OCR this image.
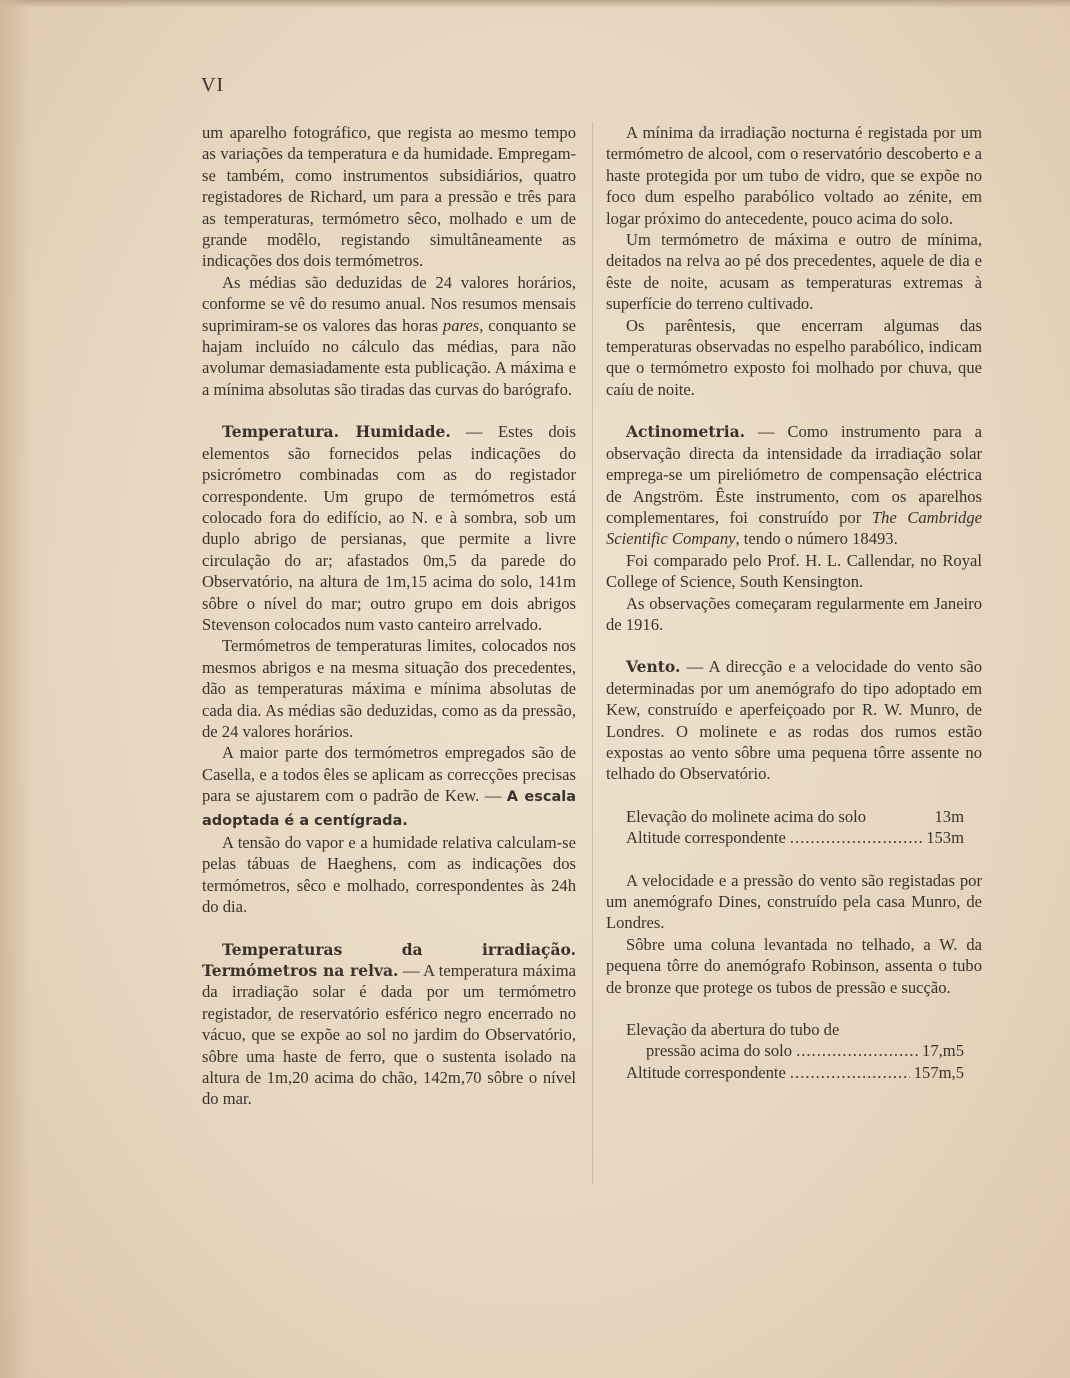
VI

um aparelho fotográfico, que regista ao mesmo tempo as variações da temperatura e da humidade. Empregam-se também, como instrumentos subsidiários, quatro registadores de Richard, um para a pressão e três para as temperaturas, termómetro sêco, molhado e um de grande modêlo, registando simultâneamente as indicações dos dois termómetros.

As médias são deduzidas de 24 valores horários, conforme se vê do resumo anual. Nos resumos mensais suprimiram-se os valores das horas pares, conquanto se hajam incluído no cálculo das médias, para não avolumar demasiadamente esta publicação. A máxima e a mínima absolutas são tiradas das curvas do barógrafo.

Temperatura. Humidade. — Estes dois elementos são fornecidos pelas indicações do psicrómetro combinadas com as do registador correspondente. Um grupo de termómetros está colocado fora do edifício, ao N. e à sombra, sob um duplo abrigo de persianas, que permite a livre circulação do ar; afastados 0m,5 da parede do Observatório, na altura de 1m,15 acima do solo, 141m sôbre o nível do mar; outro grupo em dois abrigos Stevenson colocados num vasto canteiro arrelvado.

Termómetros de temperaturas limites, colocados nos mesmos abrigos e na mesma situação dos precedentes, dão as temperaturas máxima e mínima absolutas de cada dia. As médias são deduzidas, como as da pressão, de 24 valores horários.

A maior parte dos termómetros empregados são de Casella, e a todos êles se aplicam as correcções precisas para se ajustarem com o padrão de Kew. — A escala adoptada é a centígrada.

A tensão do vapor e a humidade relativa calculam-se pelas tábuas de Haeghens, com as indicações dos termómetros, sêco e molhado, correspondentes às 24h do dia.

Temperaturas da irradiação. Termómetros na relva. — A temperatura máxima da irradiação solar é dada por um termómetro registador, de reservatório esférico negro encerrado no vácuo, que se expõe ao sol no jardim do Observatório, sôbre uma haste de ferro, que o sustenta isolado na altura de 1m,20 acima do chão, 142m,70 sôbre o nível do mar.

A mínima da irradiação nocturna é registada por um termómetro de alcool, com o reservatório descoberto e a haste protegida por um tubo de vidro, que se expõe no foco dum espelho parabólico voltado ao zénite, em logar próximo do antecedente, pouco acima do solo.

Um termómetro de máxima e outro de mínima, deitados na relva ao pé dos precedentes, aquele de dia e êste de noite, acusam as temperaturas extremas à superfície do terreno cultivado.

Os parêntesis, que encerram algumas das temperaturas observadas no espelho parabólico, indicam que o termómetro exposto foi molhado por chuva, que caíu de noite.

Actinometria. — Como instrumento para a observação directa da intensidade da irradiação solar emprega-se um pireliómetro de compensação eléctrica de Angström. Êste instrumento, com os aparelhos complementares, foi construído por The Cambridge Scientific Company, tendo o número 18493.

Foi comparado pelo Prof. H. L. Callendar, no Royal College of Science, South Kensington.

As observações começaram regularmente em Janeiro de 1916.

Vento. — A direcção e a velocidade do vento são determinadas por um anemógrafo do tipo adoptado em Kew, construído e aperfeiçoado por R. W. Munro, de Londres. O molinete e as rodas dos rumos estão expostas ao vento sôbre uma pequena tôrre assente no telhado do Observatório.

Elevação do molinete acima do solo	13m
Altitude correspondente .....	153m

A velocidade e a pressão do vento são registadas por um anemógrafo Dines, construído pela casa Munro, de Londres.

Sôbre uma coluna levantada no telhado, a W. da pequena tôrre do anemógrafo Robinson, assenta o tubo de bronze que protege os tubos de pressão e sucção.

Elevação da abertura do tubo de
pressão acima do solo .....	17,m5
Altitude correspondente .....	157m,5
